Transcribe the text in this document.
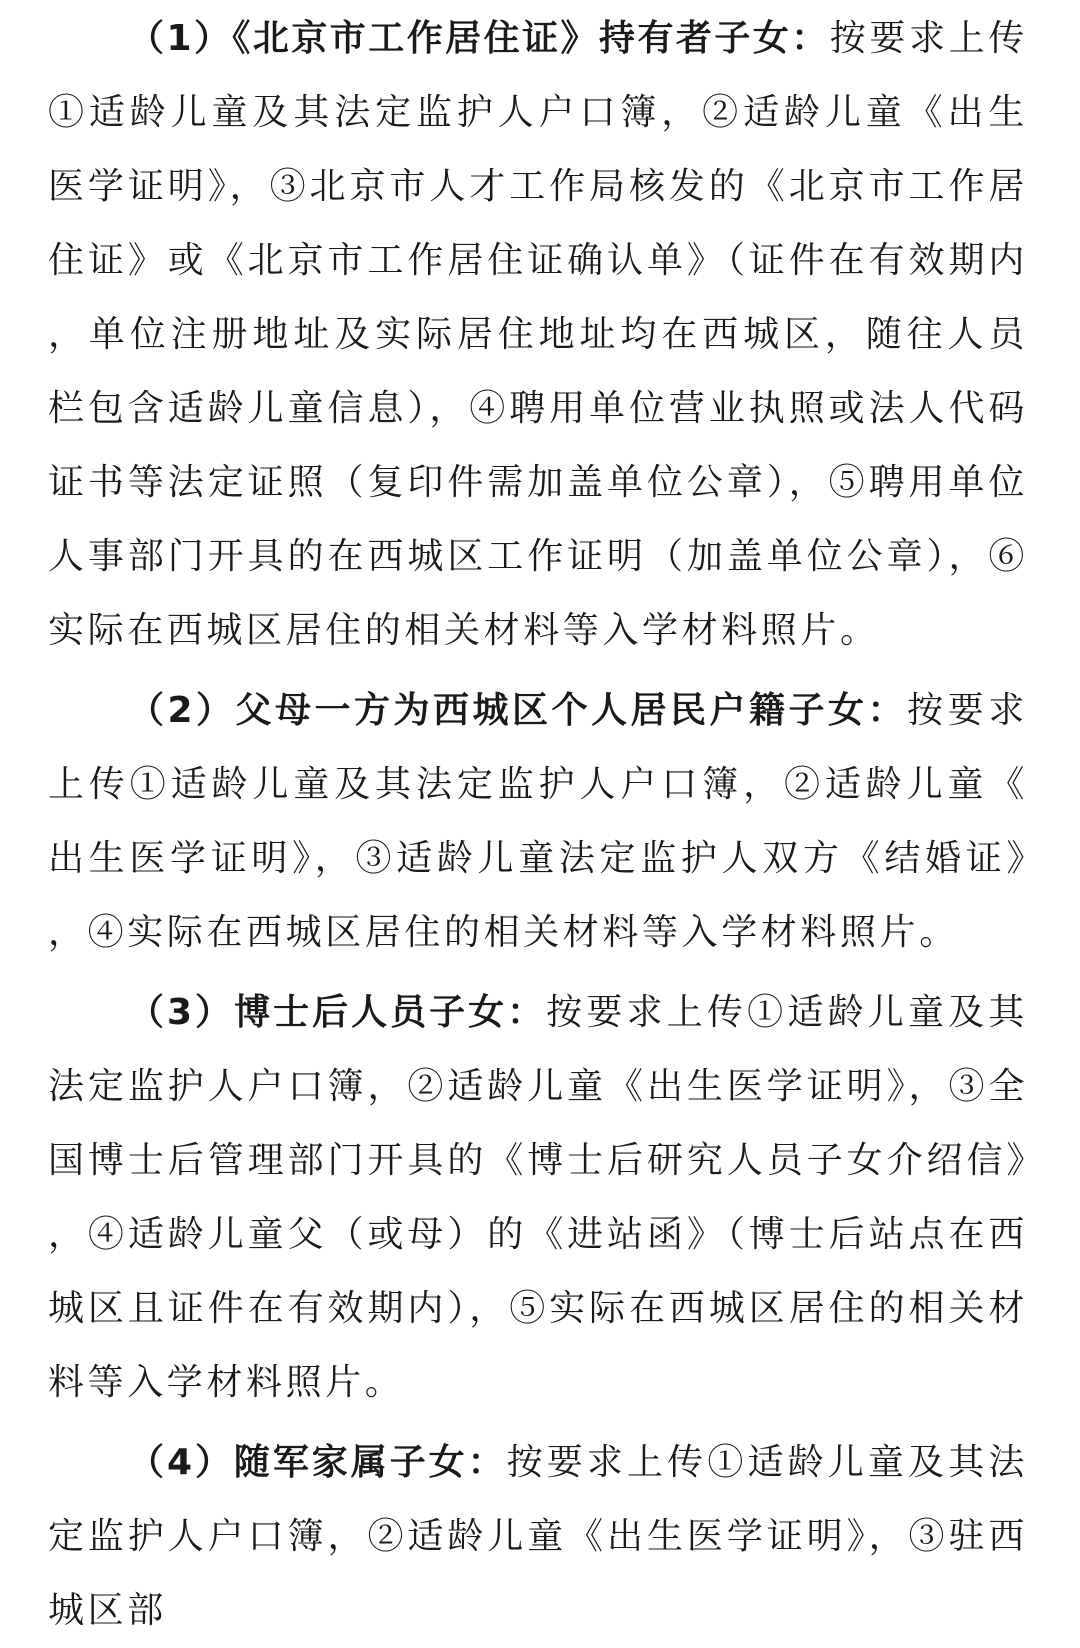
（1）《北京市工作居住证》持有者子女：按要求上传①适龄儿童及其法定监护人户口簿，②适龄儿童《出生医学证明》，③北京市人才工作局核发的《北京市工作居住证》或《北京市工作居住证确认单》（证件在有效期内，单位注册地址及实际居住地址均在西城区，随往人员栏包含适龄儿童信息），④聘用单位营业执照或法人代码证书等法定证照（复印件需加盖单位公章），⑤聘用单位人事部门开具的在西城区工作证明（加盖单位公章），⑥实际在西城区居住的相关材料等入学材料照片。

（2）父母一方为西城区个人居民户籍子女：按要求上传①适龄儿童及其法定监护人户口簿，②适龄儿童《出生医学证明》，③适龄儿童法定监护人双方《结婚证》，④实际在西城区居住的相关材料等入学材料照片。

（3）博士后人员子女：按要求上传①适龄儿童及其法定监护人户口簿，②适龄儿童《出生医学证明》，③全国博士后管理部门开具的《博士后研究人员子女介绍信》，④适龄儿童父（或母）的《进站函》（博士后站点在西城区且证件在有效期内），⑤实际在西城区居住的相关材料等入学材料照片。

（4）随军家属子女：按要求上传①适龄儿童及其法定监护人户口簿，②适龄儿童《出生医学证明》，③驻西城区部
